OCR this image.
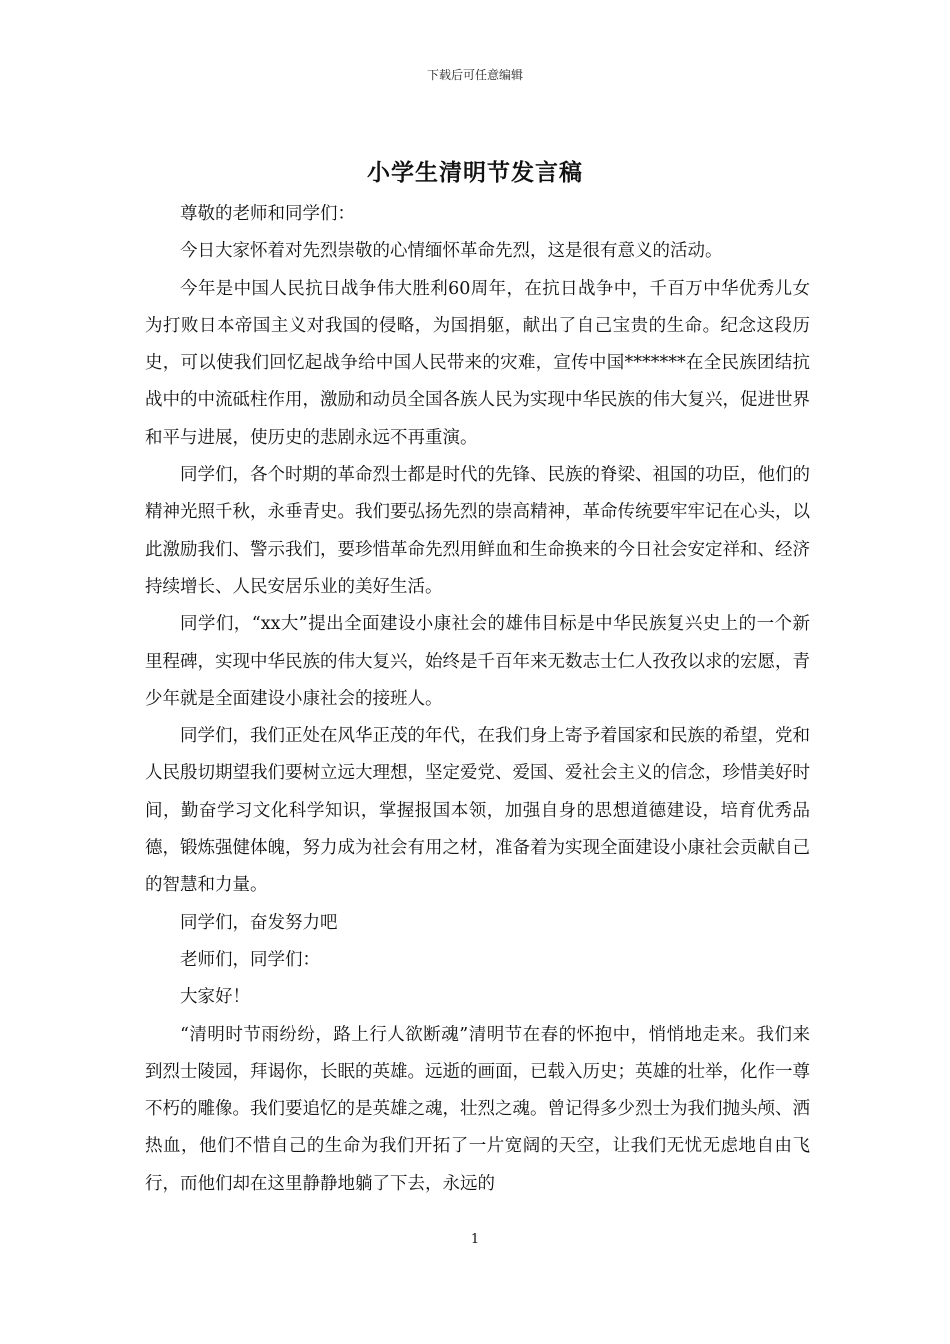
下载后可任意编辑
小学生清明节发言稿

尊敬的老师和同学们：

今日大家怀着对先烈崇敬的心情缅怀革命先烈，这是很有意义的活动。

今年是中国人民抗日战争伟大胜利60周年，在抗日战争中，千百万中华优秀儿女为打败日本帝国主义对我国的侵略，为国捐躯，献出了自己宝贵的生命。纪念这段历史，可以使我们回忆起战争给中国人民带来的灾难，宣传中国*******在全民族团结抗战中的中流砥柱作用，激励和动员全国各族人民为实现中华民族的伟大复兴，促进世界和平与进展，使历史的悲剧永远不再重演。

同学们，各个时期的革命烈士都是时代的先锋、民族的脊梁、祖国的功臣，他们的精神光照千秋，永垂青史。我们要弘扬先烈的崇高精神，革命传统要牢牢记在心头，以此激励我们、警示我们，要珍惜革命先烈用鲜血和生命换来的今日社会安定祥和、经济持续增长、人民安居乐业的美好生活。

同学们，“xx大”提出全面建设小康社会的雄伟目标是中华民族复兴史上的一个新里程碑，实现中华民族的伟大复兴，始终是千百年来无数志士仁人孜孜以求的宏愿，青少年就是全面建设小康社会的接班人。

同学们，我们正处在风华正茂的年代，在我们身上寄予着国家和民族的希望，党和人民殷切期望我们要树立远大理想，坚定爱党、爱国、爱社会主义的信念，珍惜美好时间，勤奋学习文化科学知识，掌握报国本领，加强自身的思想道德建设，培育优秀品德，锻炼强健体魄，努力成为社会有用之材，准备着为实现全面建设小康社会贡献自己的智慧和力量。

同学们，奋发努力吧

老师们，同学们：

大家好！

“清明时节雨纷纷，路上行人欲断魂”清明节在春的怀抱中，悄悄地走来。我们来到烈士陵园，拜谒你，长眠的英雄。远逝的画面，已载入历史；英雄的壮举，化作一尊不朽的雕像。我们要追忆的是英雄之魂，壮烈之魂。曾记得多少烈士为我们抛头颅、洒热血，他们不惜自己的生命为我们开拓了一片宽阔的天空，让我们无忧无虑地自由飞行，而他们却在这里静静地躺了下去，永远的

1
